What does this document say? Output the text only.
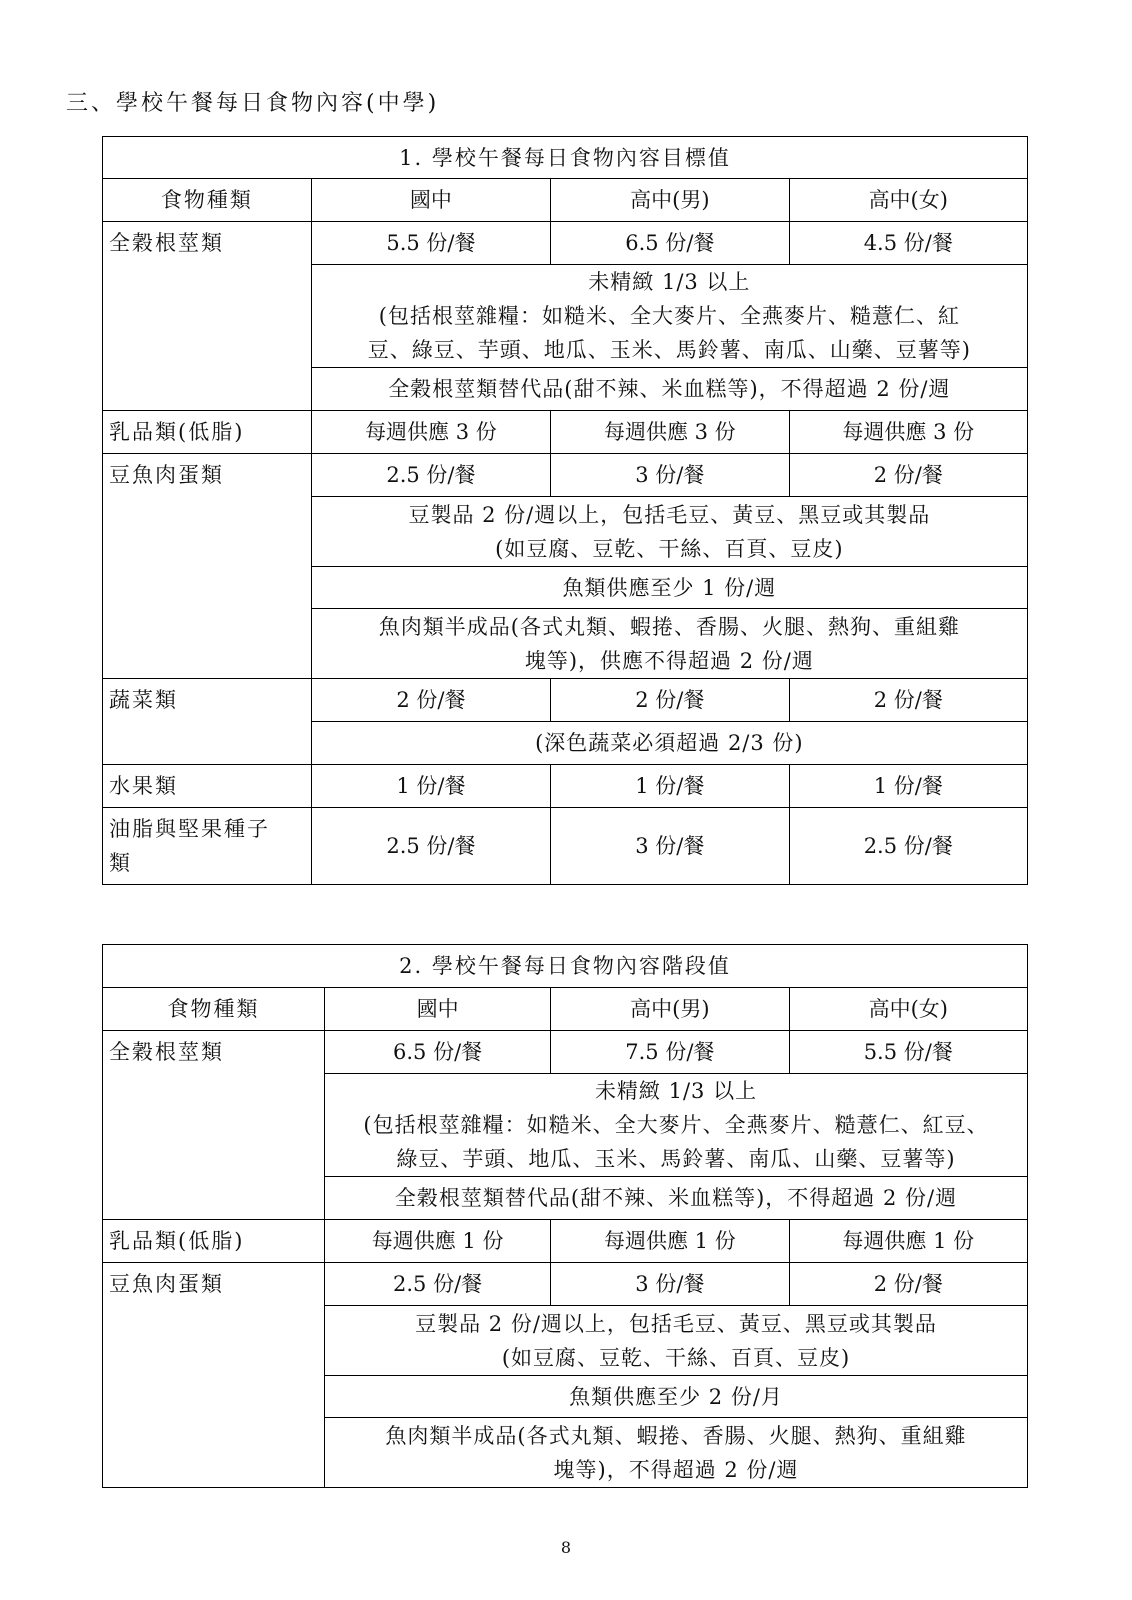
三、學校午餐每日食物內容(中學)
1. 學校午餐每日食物內容目標值			
食物種類	國中	高中(男)	高中(女)
全穀根莖類	5.5 份/餐	6.5 份/餐	4.5 份/餐

	未精緻 1/3 以上
(包括根莖雜糧：如糙米、全大麥片、全燕麥片、糙薏仁、紅
豆、綠豆、芋頭、地瓜、玉米、馬鈴薯、南瓜、山藥、豆薯等)		

	全穀根莖類替代品(甜不辣、米血糕等)，不得超過 2 份/週		
乳品類(低脂)	每週供應 3 份	每週供應 3 份	每週供應 3 份
豆魚肉蛋類	2.5 份/餐	3 份/餐	2 份/餐

	豆製品 2 份/週以上，包括毛豆、黃豆、黑豆或其製品
(如豆腐、豆乾、干絲、百頁、豆皮)		

	魚類供應至少 1 份/週		

	魚肉類半成品(各式丸類、蝦捲、香腸、火腿、熱狗、重組雞
塊等)，供應不得超過 2 份/週		

蔬菜類	2 份/餐	2 份/餐	2 份/餐
	(深色蔬菜必須超過 2/3 份)		
水果類	1 份/餐	1 份/餐	1 份/餐

油脂與堅果種子
類	2.5 份/餐	3 份/餐	2.5 份/餐
2. 學校午餐每日食物內容階段值			
食物種類	國中	高中(男)	高中(女)
全穀根莖類	6.5 份/餐	7.5 份/餐	5.5 份/餐

	未精緻 1/3 以上
(包括根莖雜糧：如糙米、全大麥片、全燕麥片、糙薏仁、紅豆、
綠豆、芋頭、地瓜、玉米、馬鈴薯、南瓜、山藥、豆薯等)		

	全穀根莖類替代品(甜不辣、米血糕等)，不得超過 2 份/週		
乳品類(低脂)	每週供應 1 份	每週供應 1 份	每週供應 1 份
豆魚肉蛋類	2.5 份/餐	3 份/餐	2 份/餐

	豆製品 2 份/週以上，包括毛豆、黃豆、黑豆或其製品
(如豆腐、豆乾、干絲、百頁、豆皮)		

	魚類供應至少 2 份/月		

	魚肉類半成品(各式丸類、蝦捲、香腸、火腿、熱狗、重組雞
塊等)，不得超過 2 份/週		
8
